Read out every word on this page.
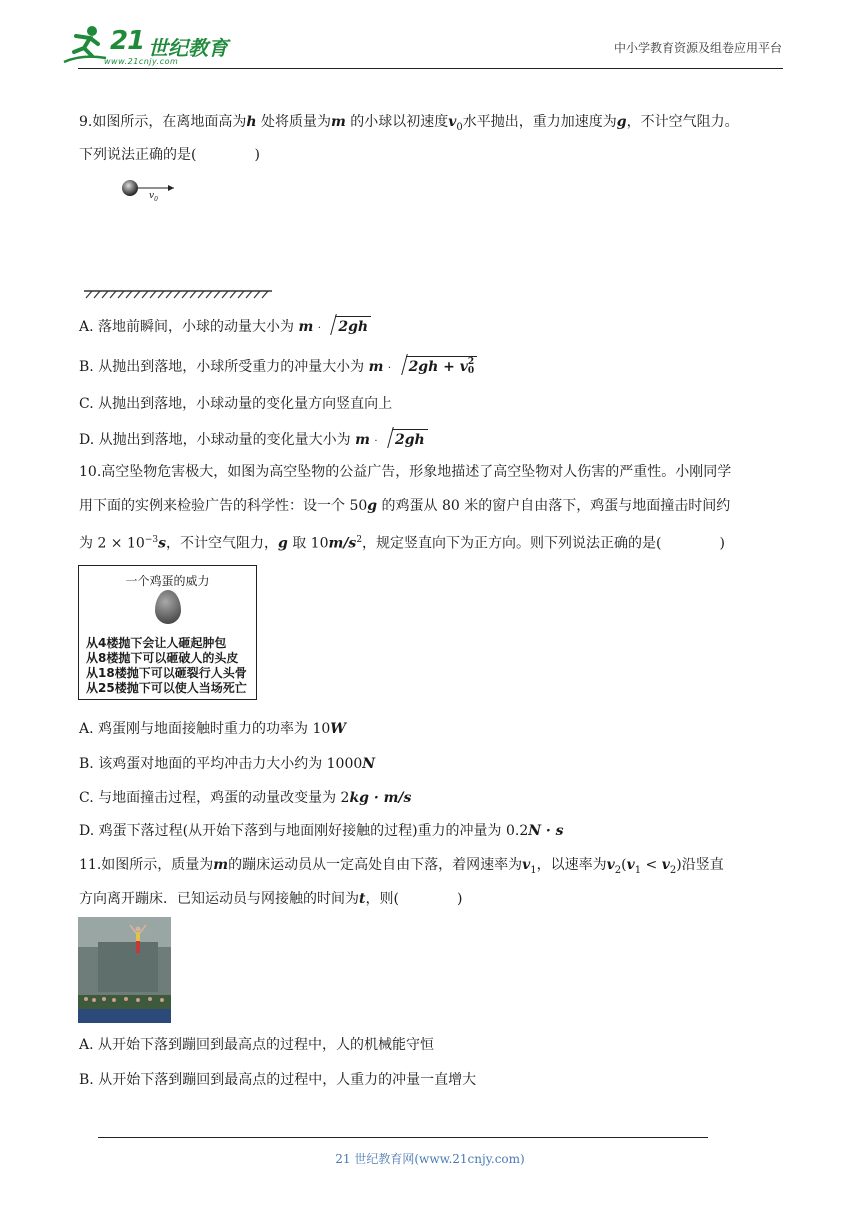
21 世纪教育
www.21cnjy.com
中小学教育资源及组卷应用平台
9.如图所示，在离地面高为h 处将质量为m 的小球以初速度$v_0$水平抛出，重力加速度为g，不计空气阻力。
下列说法正确的是(	)
$v_0$
A. 落地前瞬间，小球的动量大小为 m · 2gh
B. 从抛出到落地，小球所受重力的冲量大小为 m · 2gh + v 2
0
C. 从抛出到落地，小球动量的变化量方向竖直向上
D. 从抛出到落地，小球动量的变化量大小为 m · 2gh
10.高空坠物危害极大，如图为高空坠物的公益广告，形象地描述了高空坠物对人伤害的严重性。小刚同学
用下面的实例来检验广告的科学性：设一个 50g 的鸡蛋从 80 米的窗户自由落下，鸡蛋与地面撞击时间约
为 $2 \times 10^{-3}s$，不计空气阻力，g 取 $10m/s^2$，规定竖直向下为正方向。则下列说法正确的是(	)
一个鸡蛋的威力
从4楼抛下会让人砸起肿包
从8楼抛下可以砸破人的头皮
从18楼抛下可以砸裂行人头骨
从25楼抛下可以使人当场死亡
A. 鸡蛋刚与地面接触时重力的功率为 10W
B. 该鸡蛋对地面的平均冲击力大小约为 1000N
C. 与地面撞击过程，鸡蛋的动量改变量为 2kg · m/s
D. 鸡蛋下落过程(从开始下落到与地面刚好接触的过程)重力的冲量为 0.2N · s
11.如图所示，质量为m的蹦床运动员从一定高处自由下落，着网速率为$v_1$，以速率为$v_2(v_1 < v_2)$沿竖直
方向离开蹦床．已知运动员与网接触的时间为t，则(	)
A. 从开始下落到蹦回到最高点的过程中，人的机械能守恒
B. 从开始下落到蹦回到最高点的过程中，人重力的冲量一直增大
21 世纪教育网(www.21cnjy.com)
